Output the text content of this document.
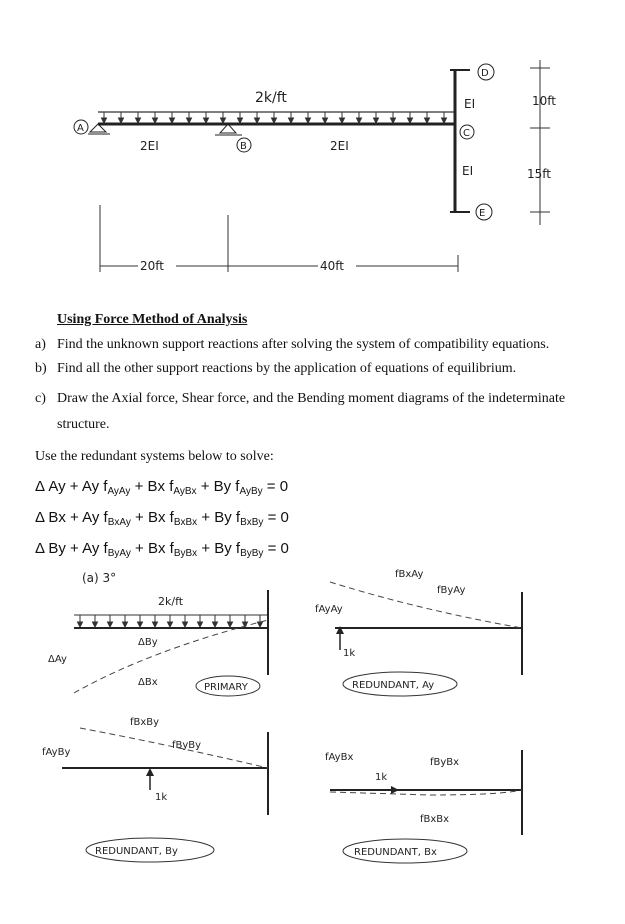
2k/ft
A
B
2EI	2EI
D
C
E
EI
EI
10ft
15ft
20ft	40ft
Using Force Method of Analysis
a) Find the unknown support reactions after solving the system of compatibility equations.
b) Find all the other support reactions by the application of equations of equilibrium.
c) Draw the Axial force, Shear force, and the Bending moment diagrams of the indeterminate structure.
Use the redundant systems below to solve:
Δ Ay + Ay $f_{AyAy} + Bx$ $f_{AyBx} + By$ $f_{AyBy} = 0$
Δ Bx + Ay $f_{BxAy} + Bx$ $f_{BxBx} + By$ $f_{BxBy} = 0$
Δ By + Ay $f_{ByAy} + Bx$ $f_{ByBx} + By$ $f_{ByBy} = 0$
(a) 3°
2k/ft
ΔAy
ΔBy
ΔBx	PRIMARY
fAyAy
fBxAy
fByAy
1k
REDUNDANT, Ay
fAyBy
fBxBy
fByBy
1k
REDUNDANT, By
fAyBx	fByBx
fBxBx
1k
REDUNDANT, Bx
